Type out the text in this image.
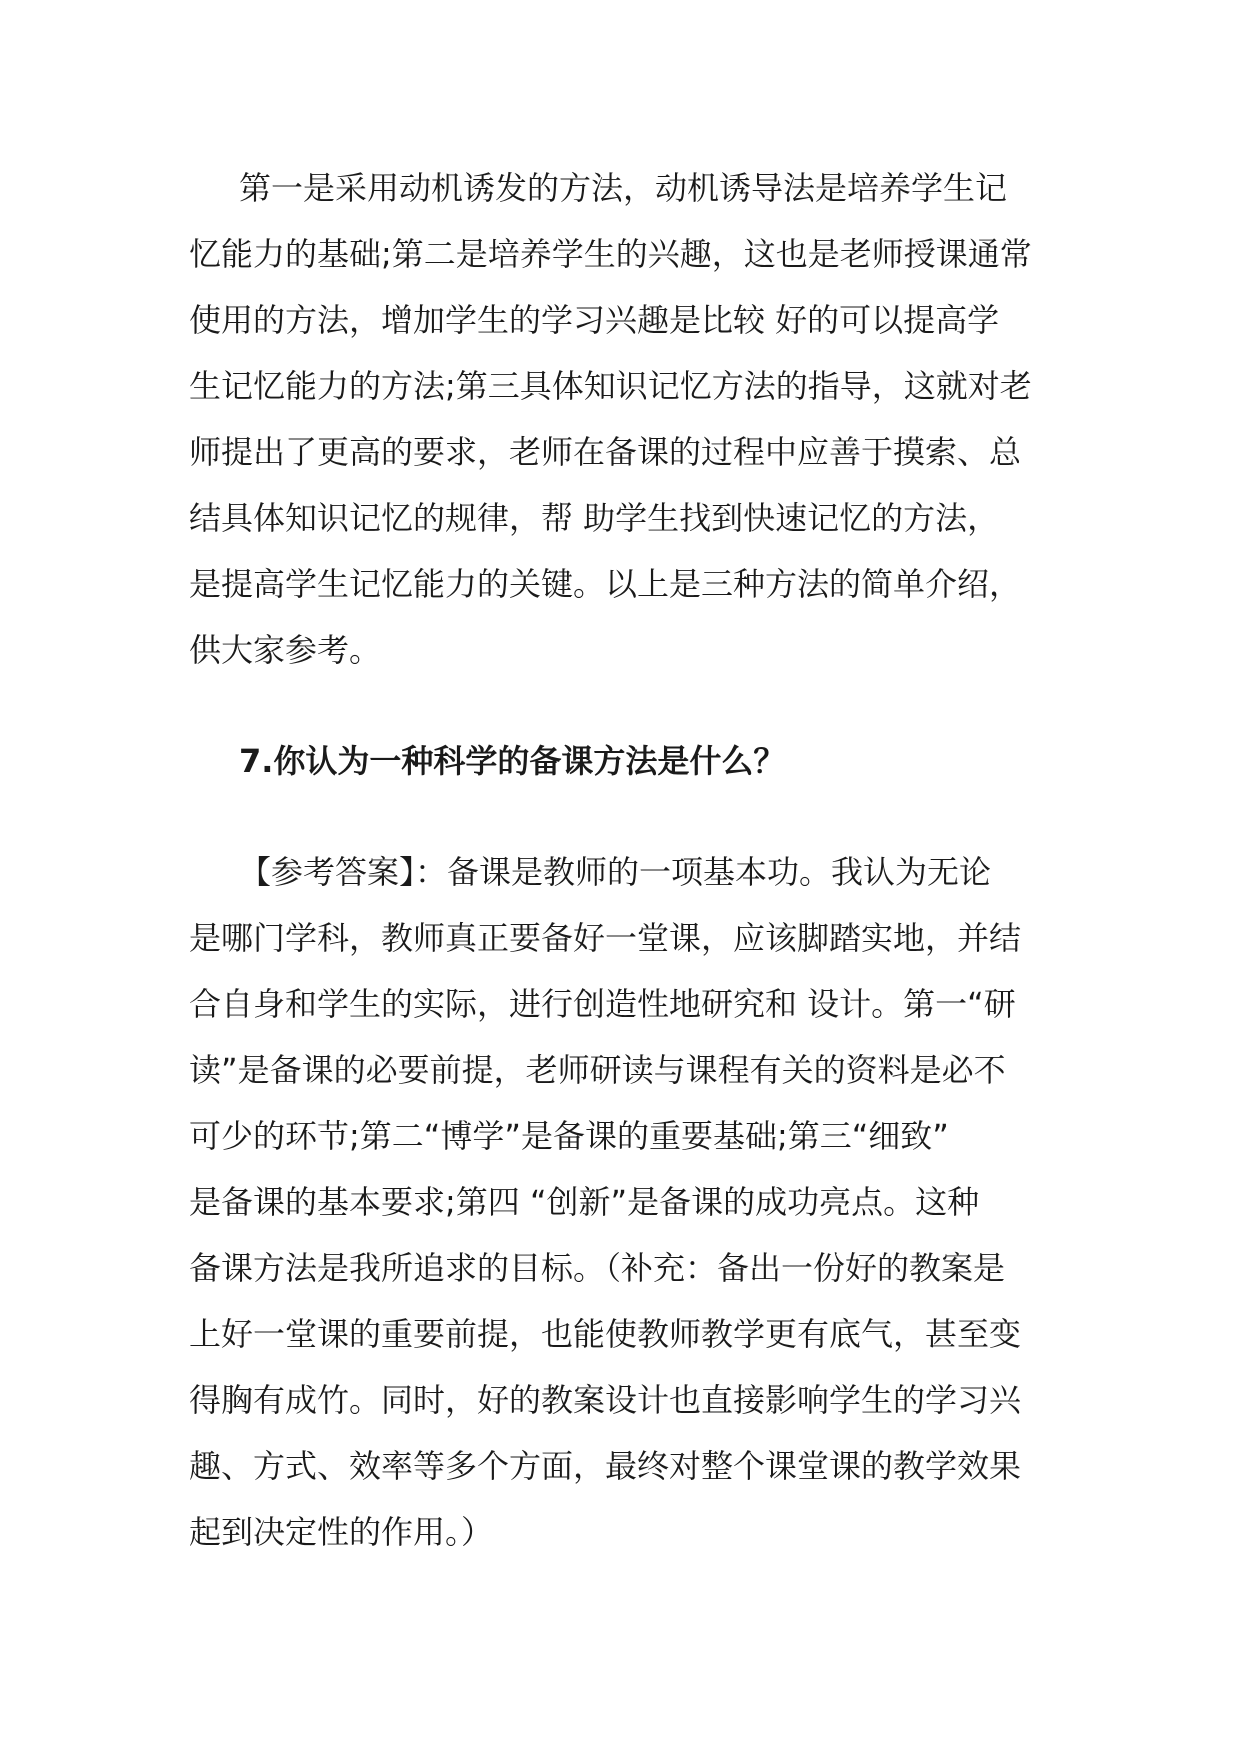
第一是采用动机诱发的方法，动机诱导法是培养学生记
忆能力的基础;第二是培养学生的兴趣，这也是老师授课通常
使用的方法，增加学生的学习兴趣是比较 好的可以提高学
生记忆能力的方法;第三具体知识记忆方法的指导，这就对老
师提出了更高的要求，老师在备课的过程中应善于摸索、总
结具体知识记忆的规律，帮 助学生找到快速记忆的方法，
是提高学生记忆能力的关键。以上是三种方法的简单介绍，
供大家参考。
7.你认为一种科学的备课方法是什么？
【参考答案】：备课是教师的一项基本功。我认为无论
是哪门学科，教师真正要备好一堂课，应该脚踏实地，并结
合自身和学生的实际，进行创造性地研究和 设计。第一“研
读”是备课的必要前提，老师研读与课程有关的资料是必不
可少的环节;第二“博学”是备课的重要基础;第三“细致”
是备课的基本要求;第四 “创新”是备课的成功亮点。这种
备课方法是我所追求的目标。（补充：备出一份好的教案是
上好一堂课的重要前提，也能使教师教学更有底气，甚至变
得胸有成竹。同时，好的教案设计也直接影响学生的学习兴
趣、方式、效率等多个方面，最终对整个课堂课的教学效果
起到决定性的作用。）
